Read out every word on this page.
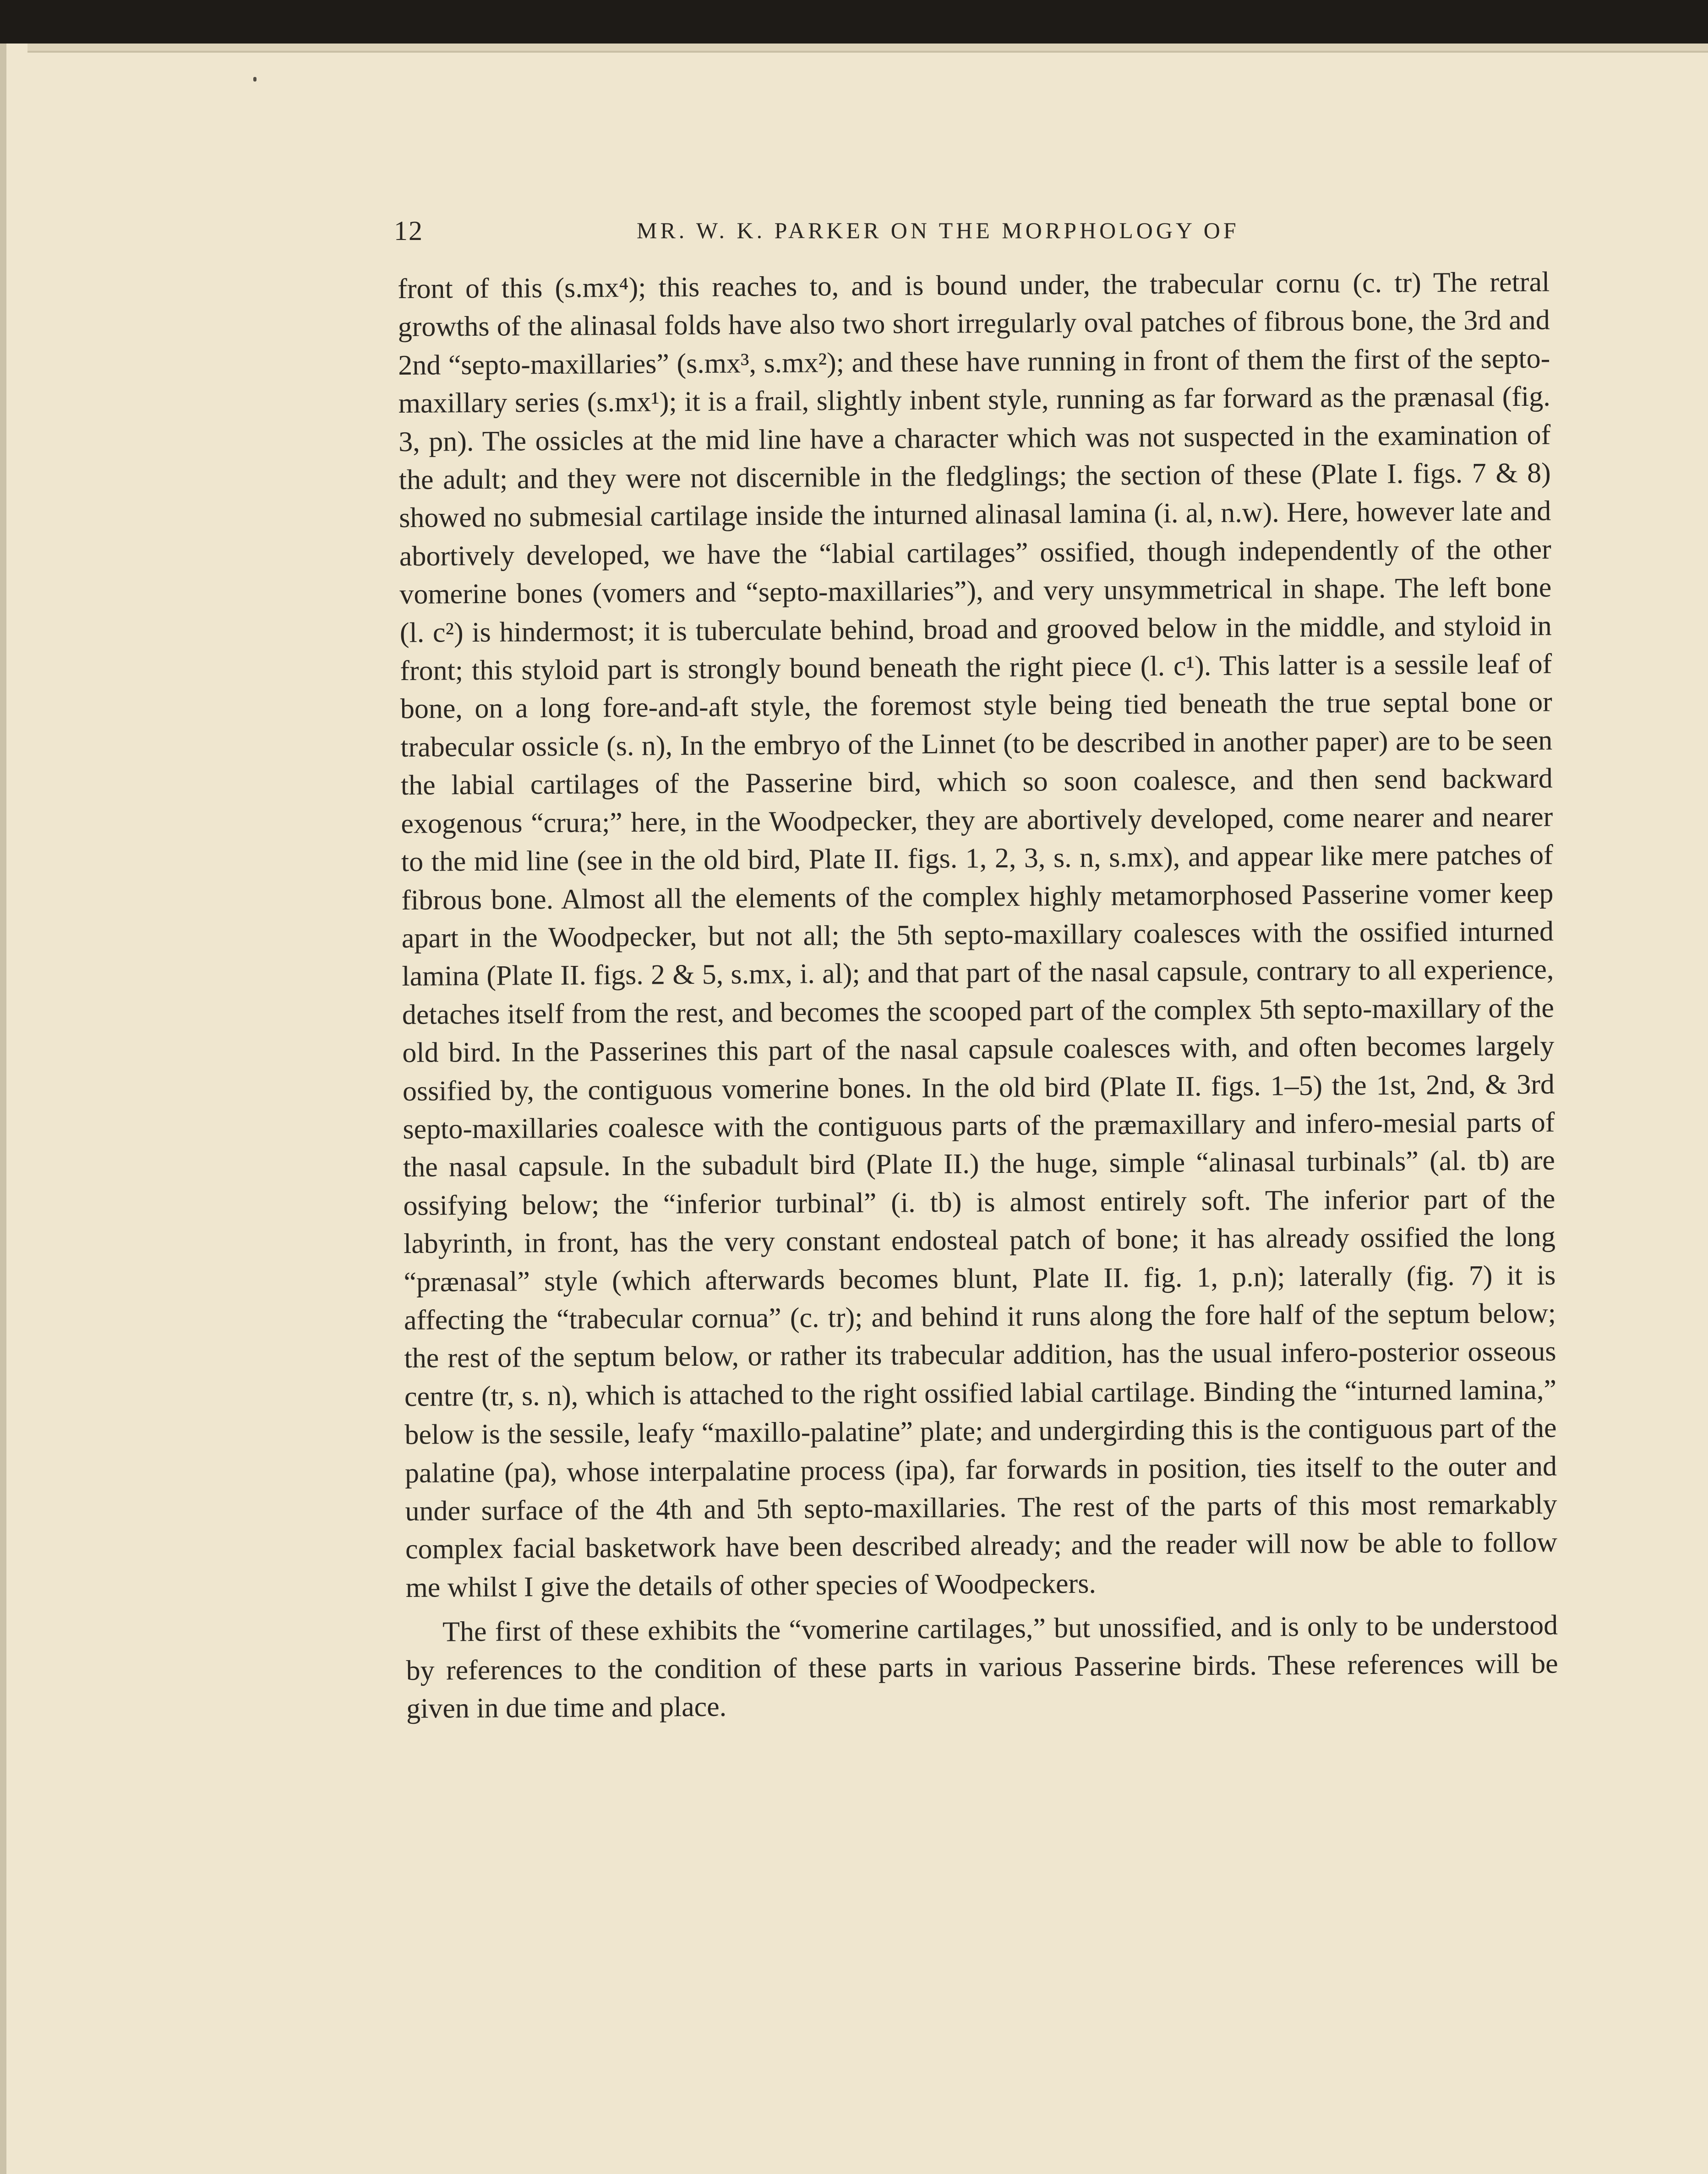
12	MR. W. K. PARKER ON THE MORPHOLOGY OF

front of this (s.mx⁴); this reaches to, and is bound under, the trabecular cornu (c. tr) The retral growths of the alinasal folds have also two short irregularly oval patches of fibrous bone, the 3rd and 2nd “septo-maxillaries” (s.mx³, s.mx²); and these have running in front of them the first of the septo-maxillary series (s.mx¹); it is a frail, slightly inbent style, running as far forward as the prænasal (fig. 3, pn). The ossicles at the mid line have a character which was not suspected in the examination of the adult; and they were not discernible in the fledglings; the section of these (Plate I. figs. 7 & 8) showed no submesial cartilage inside the inturned alinasal lamina (i. al, n.w). Here, however late and abortively developed, we have the “labial cartilages” ossified, though independently of the other vomerine bones (vomers and “septo-maxillaries”), and very unsymmetrical in shape. The left bone (l. c²) is hindermost; it is tuberculate behind, broad and grooved below in the middle, and styloid in front; this styloid part is strongly bound beneath the right piece (l. c¹). This latter is a sessile leaf of bone, on a long fore-and-aft style, the foremost style being tied beneath the true septal bone or trabecular ossicle (s. n), In the embryo of the Linnet (to be described in another paper) are to be seen the labial cartilages of the Passerine bird, which so soon coalesce, and then send backward exogenous “crura;” here, in the Woodpecker, they are abortively developed, come nearer and nearer to the mid line (see in the old bird, Plate II. figs. 1, 2, 3, s. n, s.mx), and appear like mere patches of fibrous bone. Almost all the elements of the complex highly metamorphosed Passerine vomer keep apart in the Woodpecker, but not all; the 5th septo-maxillary coalesces with the ossified inturned lamina (Plate II. figs. 2 & 5, s.mx, i. al); and that part of the nasal capsule, contrary to all experience, detaches itself from the rest, and becomes the scooped part of the complex 5th septo-maxillary of the old bird. In the Passerines this part of the nasal capsule coalesces with, and often becomes largely ossified by, the contiguous vomerine bones. In the old bird (Plate II. figs. 1–5) the 1st, 2nd, & 3rd septo-maxillaries coalesce with the contiguous parts of the præmaxillary and infero-mesial parts of the nasal capsule. In the subadult bird (Plate II.) the huge, simple “alinasal turbinals” (al. tb) are ossifying below; the “inferior turbinal” (i. tb) is almost entirely soft. The inferior part of the labyrinth, in front, has the very constant endosteal patch of bone; it has already ossified the long “prænasal” style (which afterwards becomes blunt, Plate II. fig. 1, p.n); laterally (fig. 7) it is affecting the “trabecular cornua” (c. tr); and behind it runs along the fore half of the septum below; the rest of the septum below, or rather its trabecular addition, has the usual infero-posterior osseous centre (tr, s. n), which is attached to the right ossified labial cartilage. Binding the “inturned lamina,” below is the sessile, leafy “maxillo-palatine” plate; and undergirding this is the contiguous part of the palatine (pa), whose interpalatine process (ipa), far forwards in position, ties itself to the outer and under surface of the 4th and 5th septo-maxillaries. The rest of the parts of this most remarkably complex facial basketwork have been described already; and the reader will now be able to follow me whilst I give the details of other species of Woodpeckers.

The first of these exhibits the “vomerine cartilages,” but unossified, and is only to be understood by references to the condition of these parts in various Passerine birds. These references will be given in due time and place.
